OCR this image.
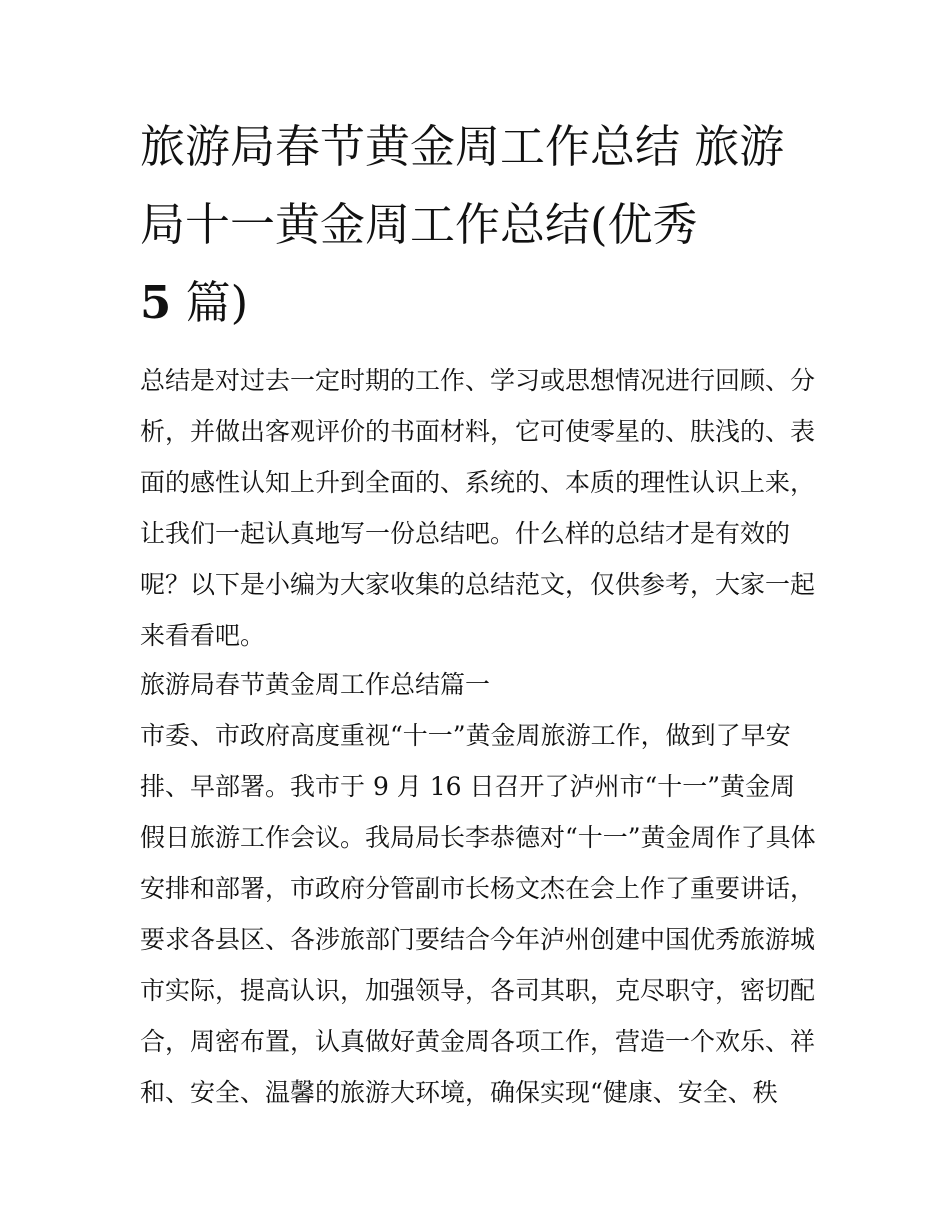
旅游局春节黄金周工作总结 旅游局十一黄金周工作总结(优秀
5 篇)

总结是对过去一定时期的工作、学习或思想情况进行回顾、分析，并做出客观评价的书面材料，它可使零星的、肤浅的、表面的感性认知上升到全面的、系统的、本质的理性认识上来，让我们一起认真地写一份总结吧。什么样的总结才是有效的呢？以下是小编为大家收集的总结范文，仅供参考，大家一起来看看吧。

旅游局春节黄金周工作总结篇一

市委、市政府高度重视“十一”黄金周旅游工作，做到了早安排、早部署。我市于 9 月 16 日召开了泸州市“十一”黄金周假日旅游工作会议。我局局长李恭德对“十一”黄金周作了具体安排和部署，市政府分管副市长杨文杰在会上作了重要讲话，要求各县区、各涉旅部门要结合今年泸州创建中国优秀旅游城市实际，提高认识，加强领导，各司其职，克尽职守，密切配合，周密布置，认真做好黄金周各项工作，营造一个欢乐、祥和、安全、温馨的旅游大环境，确保实现“健康、安全、秩
